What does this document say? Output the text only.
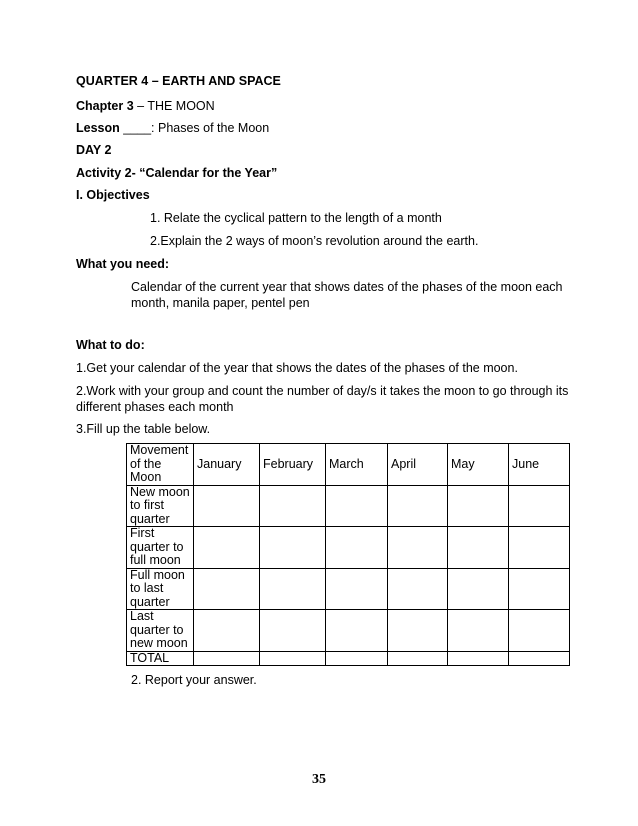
QUARTER 4 – EARTH AND SPACE
Chapter 3 – THE MOON
Lesson ____: Phases of the Moon
DAY 2
Activity 2- “Calendar for the Year”
I. Objectives
1. Relate the cyclical pattern to the length of a month
2.Explain the 2 ways of moon’s revolution around the earth.
What you need:
Calendar of the current year that shows dates of the phases of the moon each
month, manila paper, pentel pen
What to do:
1.Get your calendar of the year that shows the dates of the phases of the moon.
2.Work with your group and count the number of day/s it takes the moon to go through its
different phases each month
3.Fill up the table below.
Movement of the Moon	January	February	March	April	May	June
New moon to first quarter						
First quarter to full moon						
Full moon to last quarter						
Last quarter to new moon						
TOTAL						
2. Report your answer.
35
